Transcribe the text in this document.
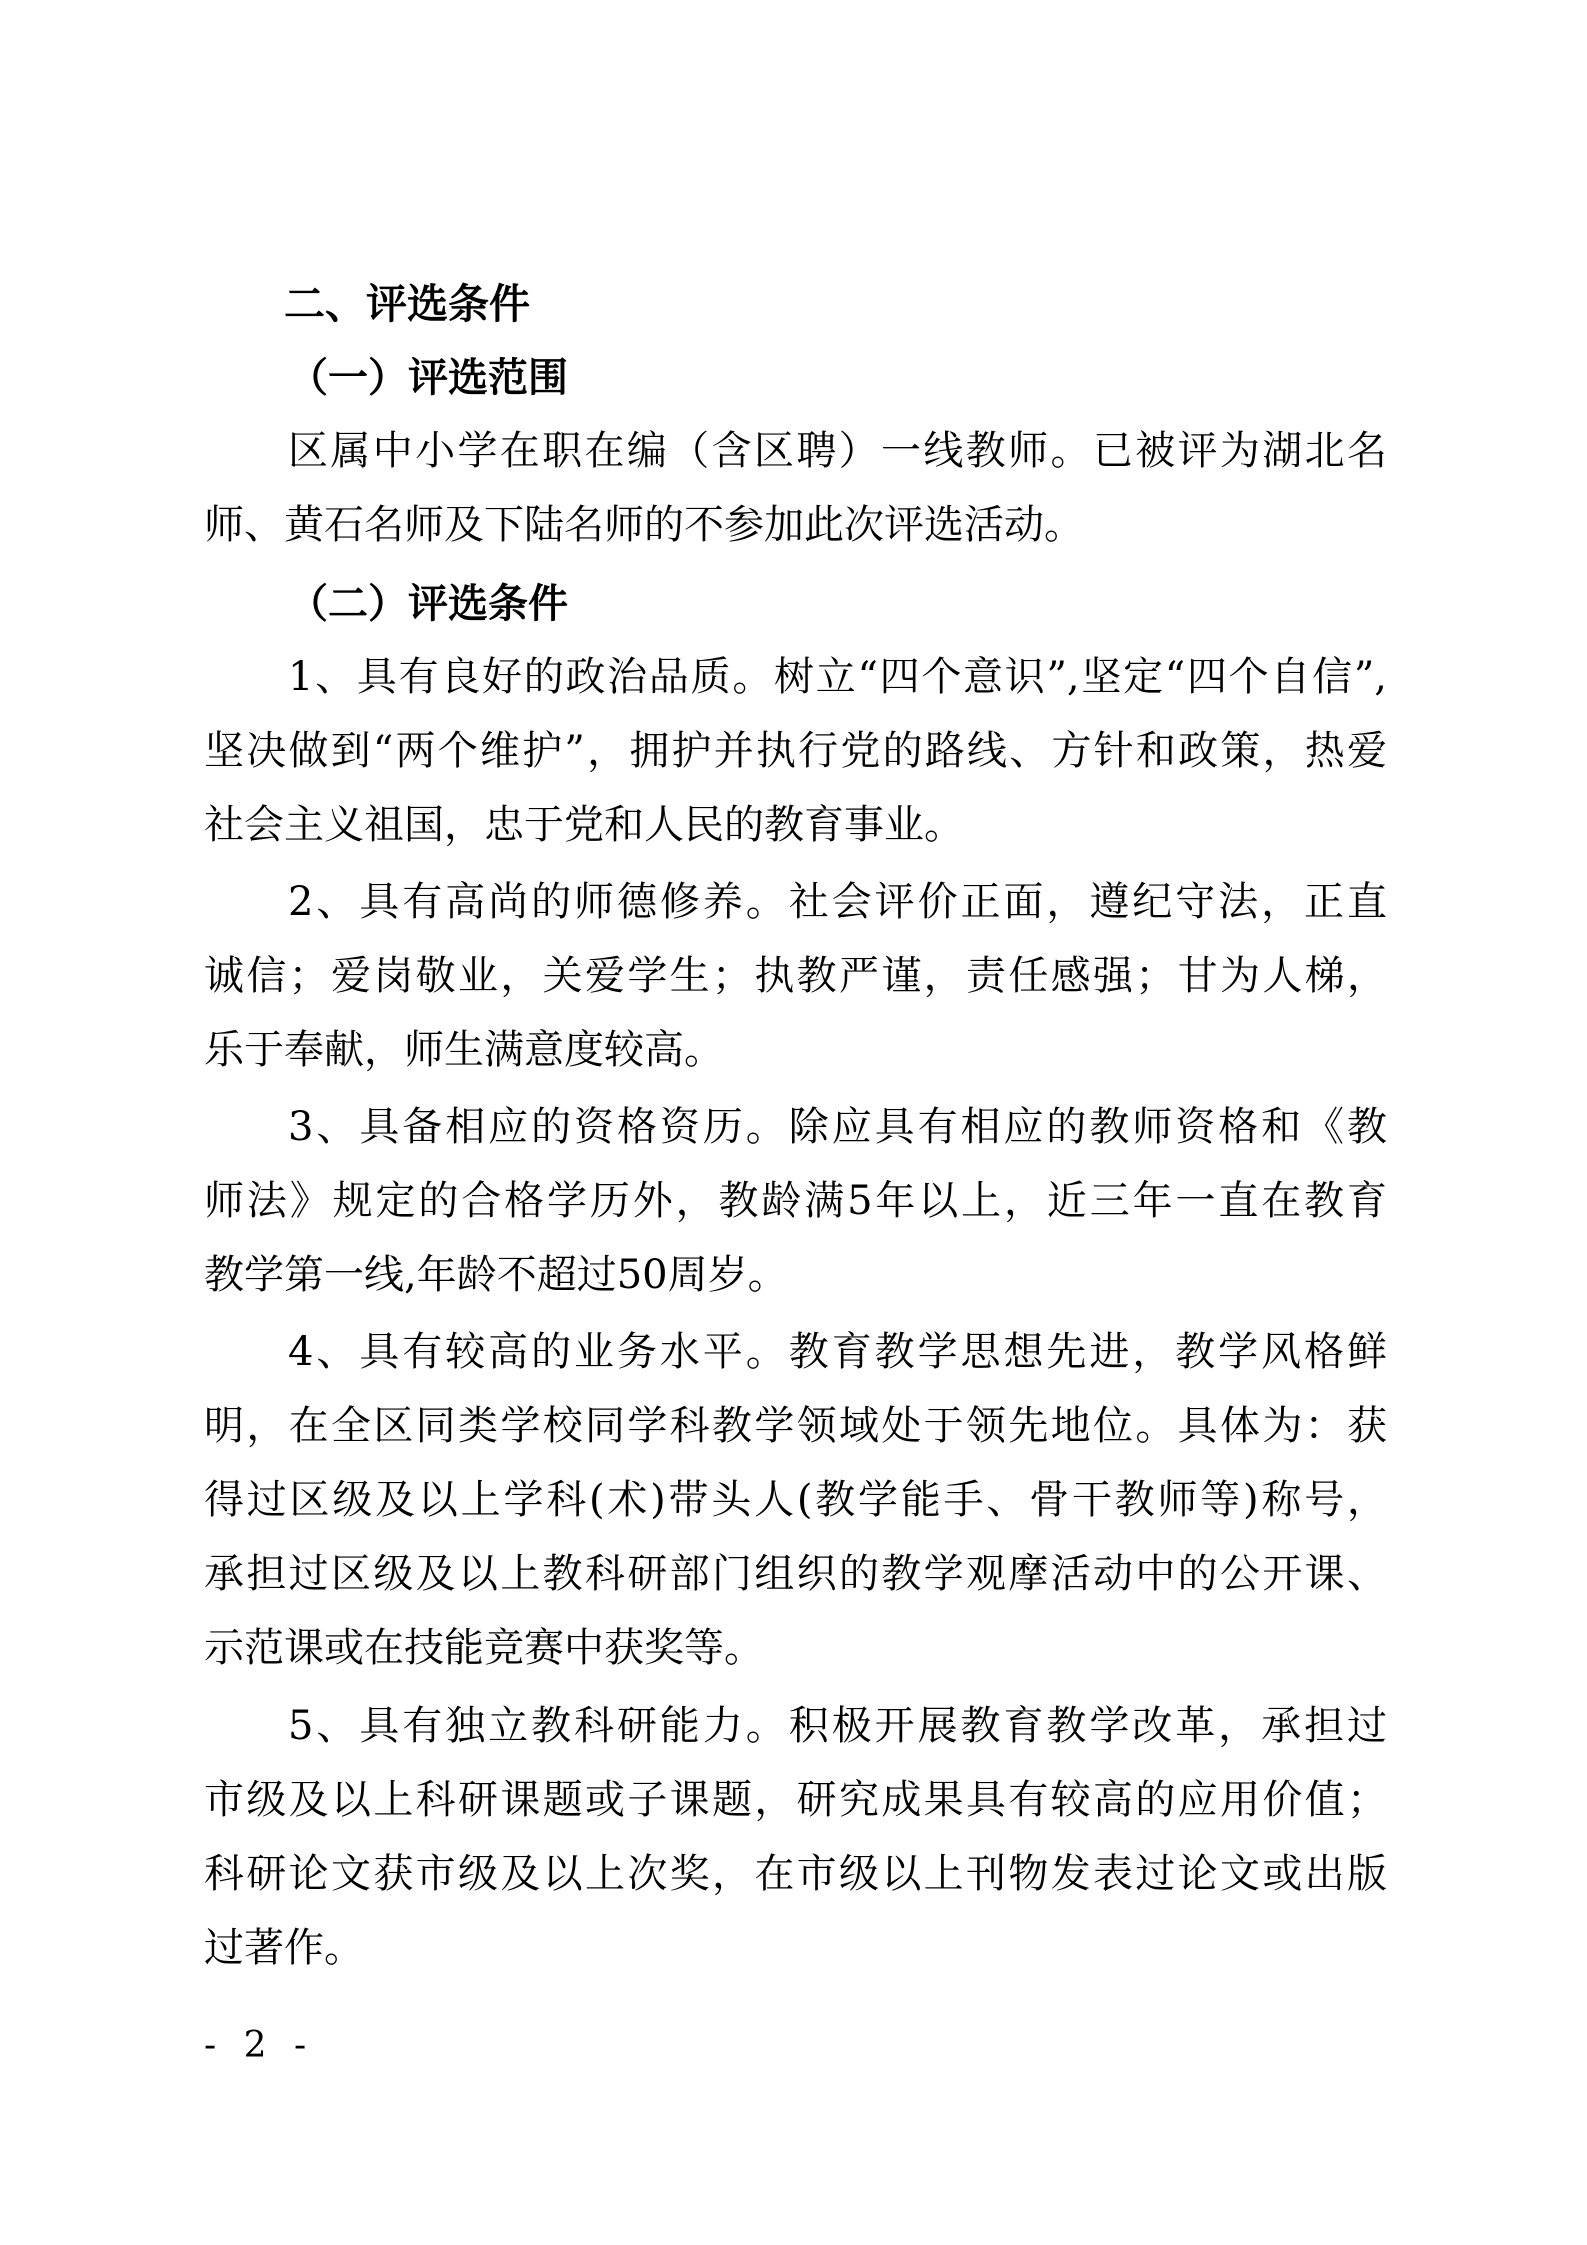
二、评选条件
（一）评选范围
区属中小学在职在编（含区聘）一线教师。已被评为湖北名
师、黄石名师及下陆名师的不参加此次评选活动。
（二）评选条件
1、具有良好的政治品质。树立“四个意识”,坚定“四个自信”,
坚决做到“两个维护”，拥护并执行党的路线、方针和政策，热爱
社会主义祖国，忠于党和人民的教育事业。
2、具有高尚的师德修养。社会评价正面，遵纪守法，正直
诚信；爱岗敬业，关爱学生；执教严谨，责任感强；甘为人梯，
乐于奉献，师生满意度较高。
3、具备相应的资格资历。除应具有相应的教师资格和《教
师法》规定的合格学历外，教龄满5年以上，近三年一直在教育
教学第一线,年龄不超过50周岁。
4、具有较高的业务水平。教育教学思想先进，教学风格鲜
明，在全区同类学校同学科教学领域处于领先地位。具体为：获
得过区级及以上学科(术)带头人(教学能手、骨干教师等)称号，
承担过区级及以上教科研部门组织的教学观摩活动中的公开课、
示范课或在技能竞赛中获奖等。
5、具有独立教科研能力。积极开展教育教学改革，承担过
市级及以上科研课题或子课题，研究成果具有较高的应用价值；
科研论文获市级及以上次奖，在市级以上刊物发表过论文或出版
过著作。
- 2 -
